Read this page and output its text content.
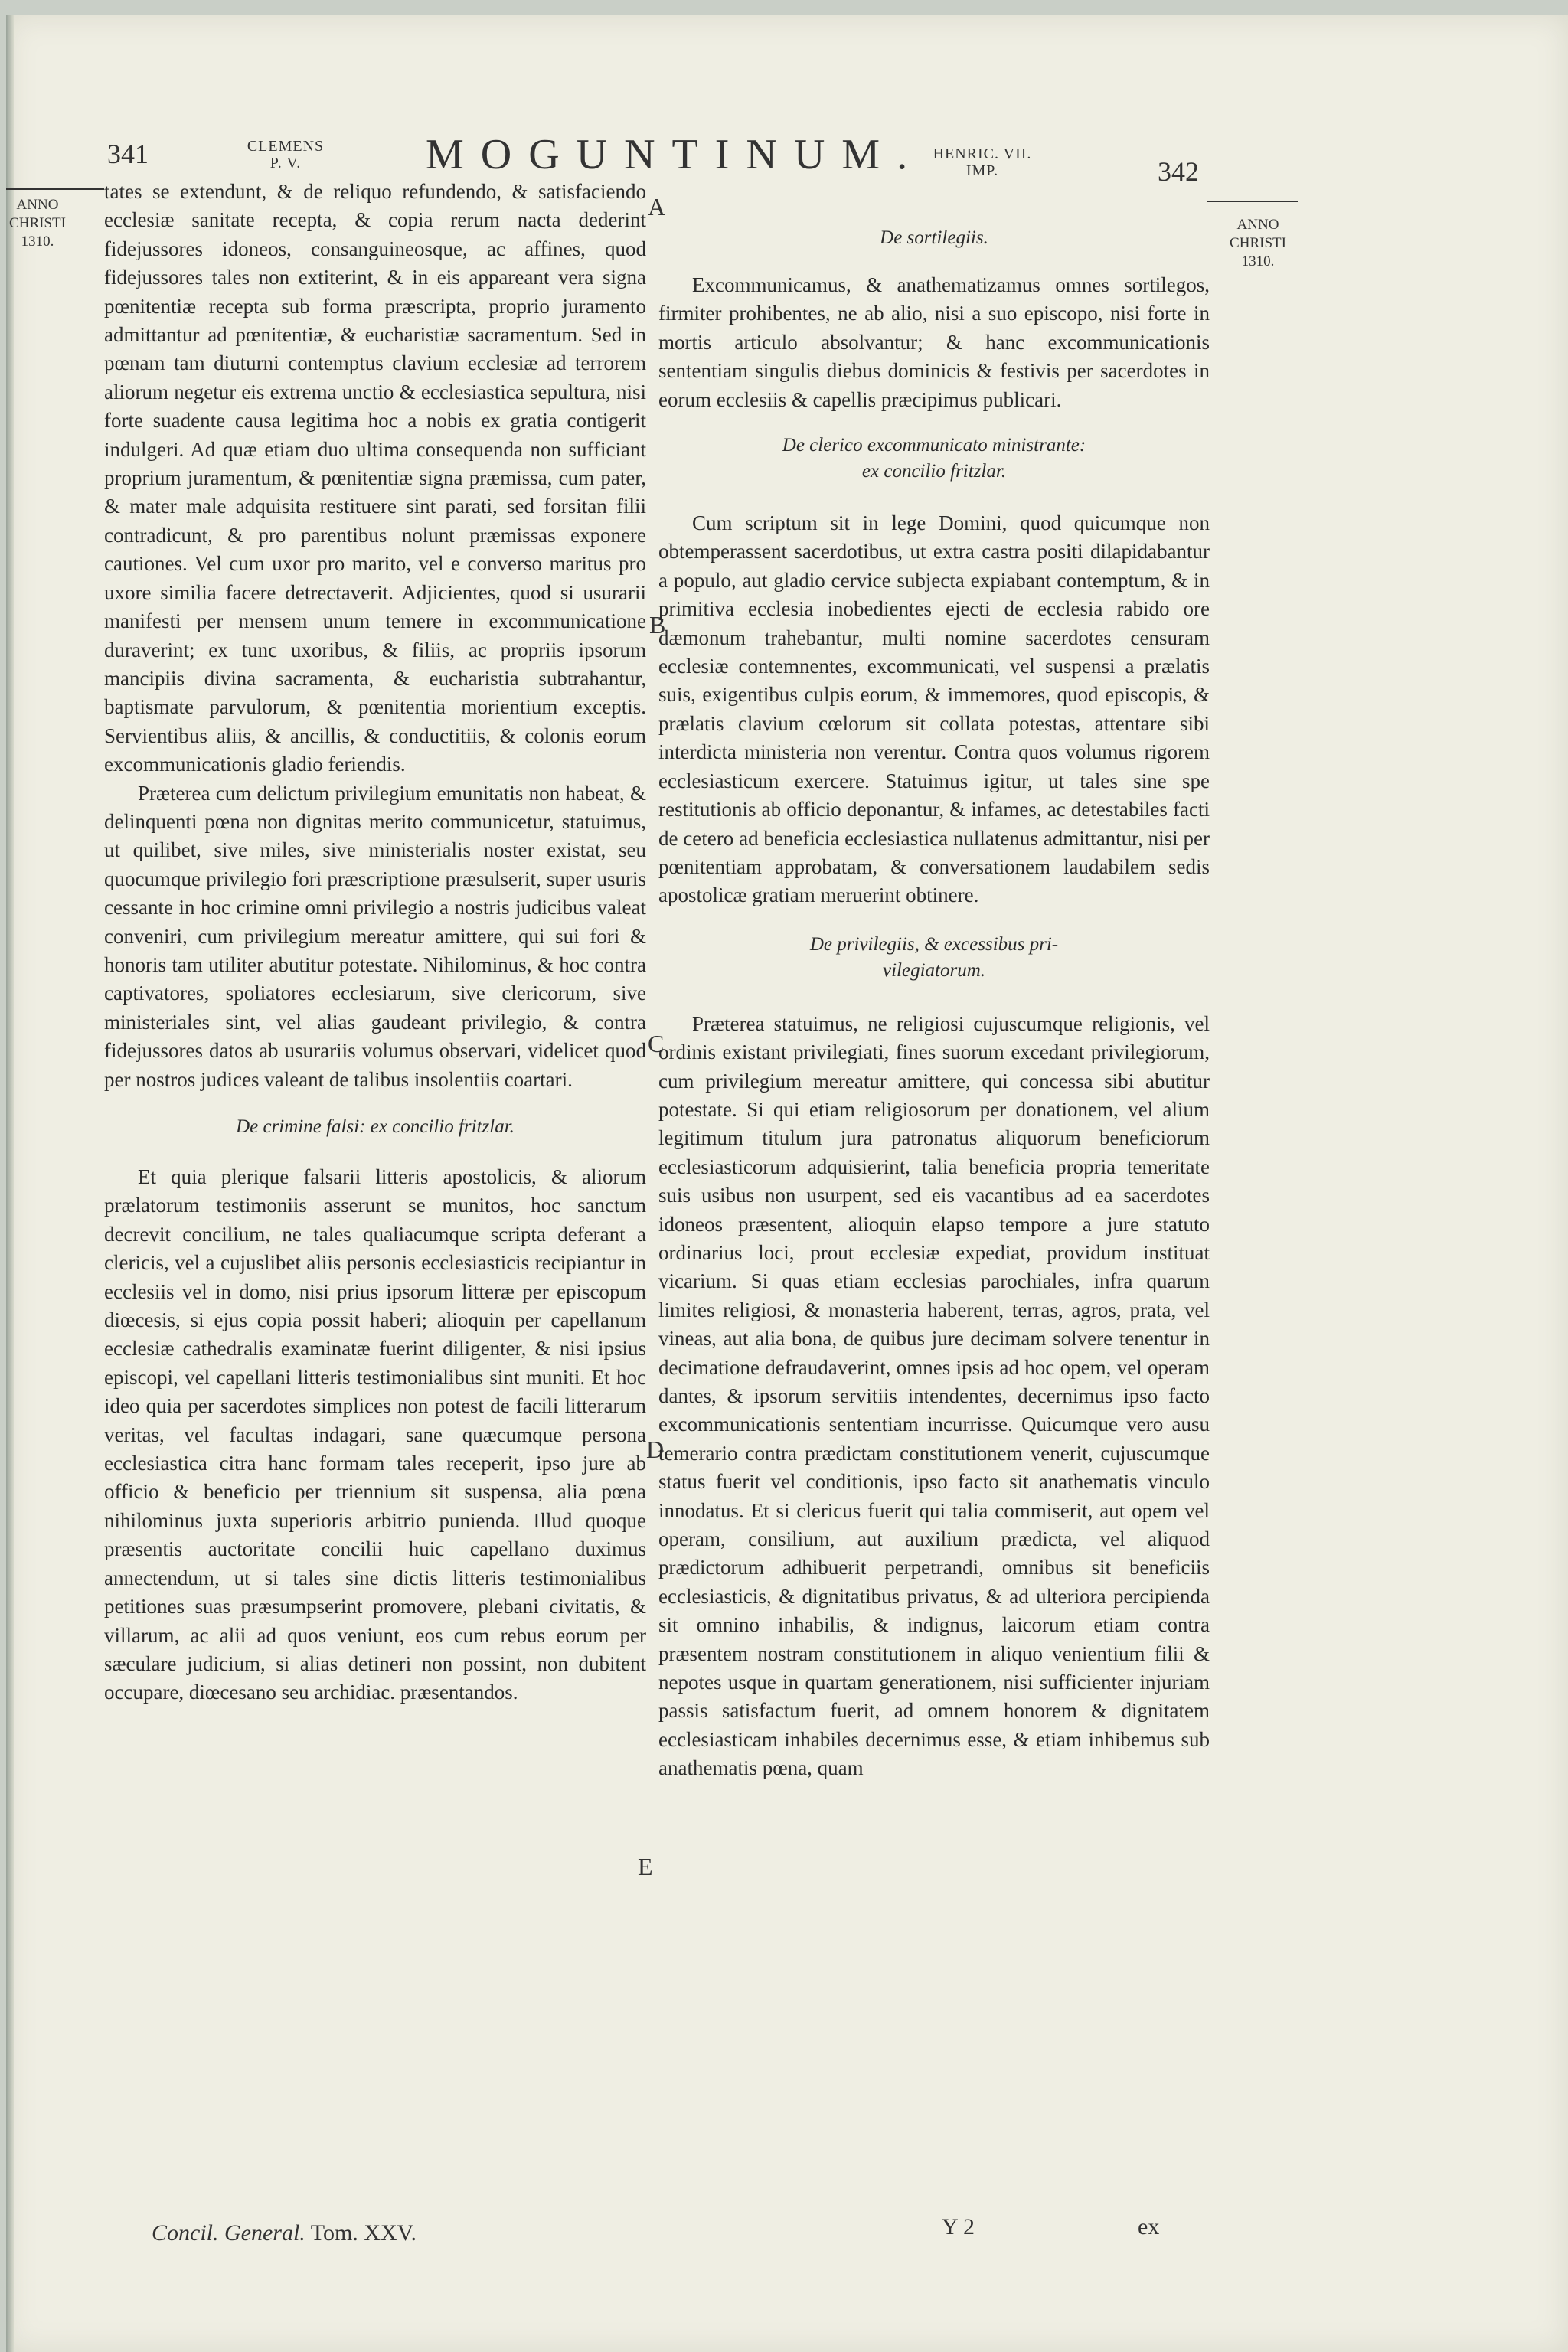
341	CLEMENS
P. V.	MOGUNTINUM. HENRIC. VII.
IMP.	342
ANNO
CHRISTI
1310.
ANNO
CHRISTI
1310.
A
B
C
D
E

tates se extendunt, & de reliquo refundendo, & satisfaciendo ecclesiæ sanitate recepta, & copia rerum nacta dederint fidejussores idoneos, consanguineosque, ac affines, quod fidejussores tales non extiterint, & in eis appareant vera signa pœnitentiæ recepta sub forma præscripta, proprio juramento admittantur ad pœnitentiæ, & eucharistiæ sacramentum. Sed in pœnam tam diuturni contemptus clavium ecclesiæ ad terrorem aliorum negetur eis extrema unctio & ecclesiastica sepultura, nisi forte suadente causa legitima hoc a nobis ex gratia contigerit indulgeri. Ad quæ etiam duo ultima consequenda non sufficiant proprium juramentum, & pœnitentiæ signa præmissa, cum pater, & mater male adquisita restituere sint parati, sed forsitan filii contradicunt, & pro parentibus nolunt præmissas exponere cautiones. Vel cum uxor pro marito, vel e converso maritus pro uxore similia facere detrectaverit. Adjicientes, quod si usurarii manifesti per mensem unum temere in excommunicatione duraverint; ex tunc uxoribus, & filiis, ac propriis ipsorum mancipiis divina sacramenta, & eucharistia subtrahantur, baptismate parvulorum, & pœnitentia morientium exceptis. Servientibus aliis, & ancillis, & conductitiis, & colonis eorum excommunicationis gladio feriendis.

Præterea cum delictum privilegium emunitatis non habeat, & delinquenti pœna non dignitas merito communicetur, statuimus, ut quilibet, sive miles, sive ministerialis noster existat, seu quocumque privilegio fori præscriptione præsulserit, super usuris cessante in hoc crimine omni privilegio a nostris judicibus valeat conveniri, cum privilegium mereatur amittere, qui sui fori & honoris tam utiliter abutitur potestate. Nihilominus, & hoc contra captivatores, spoliatores ecclesiarum, sive clericorum, sive ministeriales sint, vel alias gaudeant privilegio, & contra fidejussores datos ab usurariis volumus observari, videlicet quod per nostros judices valeant de talibus insolentiis coartari.

De crimine falsi: ex concilio fritzlar.

Et quia plerique falsarii litteris apostolicis, & aliorum prælatorum testimoniis asserunt se munitos, hoc sanctum decrevit concilium, ne tales qualiacumque scripta deferant a clericis, vel a cujuslibet aliis personis ecclesiasticis recipiantur in ecclesiis vel in domo, nisi prius ipsorum litteræ per episcopum diœcesis, si ejus copia possit haberi; alioquin per capellanum ecclesiæ cathedralis examinatæ fuerint diligenter, & nisi ipsius episcopi, vel capellani litteris testimonialibus sint muniti. Et hoc ideo quia per sacerdotes simplices non potest de facili litterarum veritas, vel facultas indagari, sane quæcumque persona ecclesiastica citra hanc formam tales receperit, ipso jure ab officio & beneficio per triennium sit suspensa, alia pœna nihilominus juxta superioris arbitrio punienda. Illud quoque præsentis auctoritate concilii huic capellano duximus annectendum, ut si tales sine dictis litteris testimonialibus petitiones suas præsumpserint promovere, plebani civitatis, & villarum, ac alii ad quos veniunt, eos cum rebus eorum per sæculare judicium, si alias detineri non possint, non dubitent occupare, diœcesano seu archidiac. præsentandos.

De sortilegiis.

Excommunicamus, & anathematizamus omnes sortilegos, firmiter prohibentes, ne ab alio, nisi a suo episcopo, nisi forte in mortis articulo absolvantur; & hanc excommunicationis sententiam singulis diebus dominicis & festivis per sacerdotes in eorum ecclesiis & capellis præcipimus publicari.

De clerico excommunicato ministrante:
ex concilio fritzlar.

Cum scriptum sit in lege Domini, quod quicumque non obtemperassent sacerdotibus, ut extra castra positi dilapidabantur a populo, aut gladio cervice subjecta expiabant contemptum, & in primitiva ecclesia inobedientes ejecti de ecclesia rabido ore dæmonum trahebantur, multi nomine sacerdotes censuram ecclesiæ contemnentes, excommunicati, vel suspensi a prælatis suis, exigentibus culpis eorum, & immemores, quod episcopis, & prælatis clavium cœlorum sit collata potestas, attentare sibi interdicta ministeria non verentur. Contra quos volumus rigorem ecclesiasticum exercere. Statuimus igitur, ut tales sine spe restitutionis ab officio deponantur, & infames, ac detestabiles facti de cetero ad beneficia ecclesiastica nullatenus admittantur, nisi per pœnitentiam approbatam, & conversationem laudabilem sedis apostolicæ gratiam meruerint obtinere.

De privilegiis, & excessibus pri-
vilegiatorum.

Præterea statuimus, ne religiosi cujuscumque religionis, vel ordinis existant privilegiati, fines suorum excedant privilegiorum, cum privilegium mereatur amittere, qui concessa sibi abutitur potestate. Si qui etiam religiosorum per donationem, vel alium legitimum titulum jura patronatus aliquorum beneficiorum ecclesiasticorum adquisierint, talia beneficia propria temeritate suis usibus non usurpent, sed eis vacantibus ad ea sacerdotes idoneos præsentent, alioquin elapso tempore a jure statuto ordinarius loci, prout ecclesiæ expediat, providum instituat vicarium. Si quas etiam ecclesias parochiales, infra quarum limites religiosi, & monasteria haberent, terras, agros, prata, vel vineas, aut alia bona, de quibus jure decimam solvere tenentur in decimatione defraudaverint, omnes ipsis ad hoc opem, vel operam dantes, & ipsorum servitiis intendentes, decernimus ipso facto excommunicationis sententiam incurrisse. Quicumque vero ausu temerario contra prædictam constitutionem venerit, cujuscumque status fuerit vel conditionis, ipso facto sit anathematis vinculo innodatus. Et si clericus fuerit qui talia commiserit, aut opem vel operam, consilium, aut auxilium prædicta, vel aliquod prædictorum adhibuerit perpetrandi, omnibus sit beneficiis ecclesiasticis, & dignitatibus privatus, & ad ulteriora percipienda sit omnino inhabilis, & indignus, laicorum etiam contra præsentem nostram constitutionem in aliquo venientium filii & nepotes usque in quartam generationem, nisi sufficienter injuriam passis satisfactum fuerit, ad omnem honorem & dignitatem ecclesiasticam inhabiles decernimus esse, & etiam inhibemus sub anathematis pœna, quam

Concil. General. Tom. XXV.	Y 2	ex
